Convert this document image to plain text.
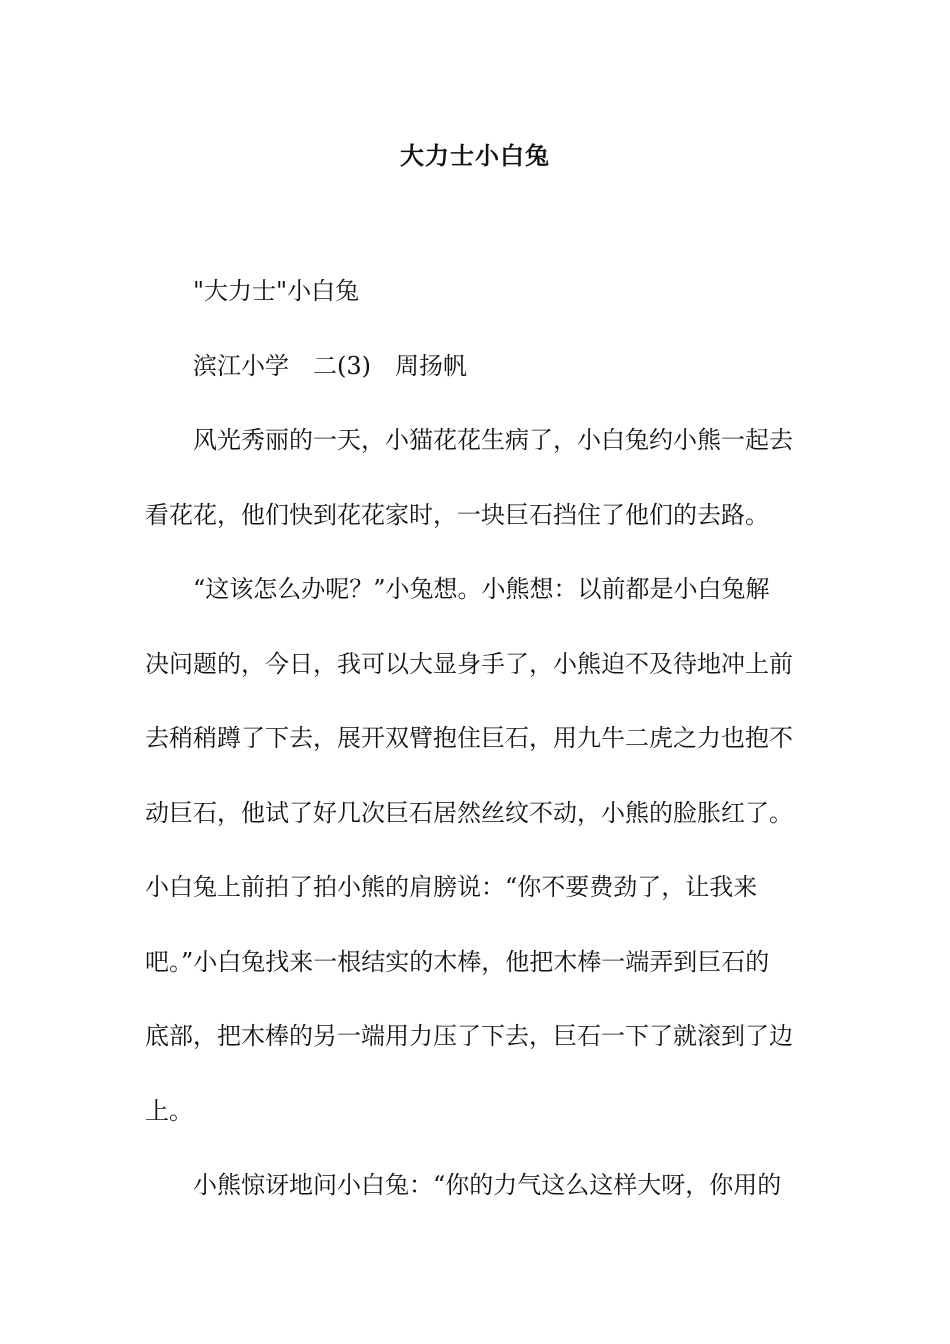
大力士小白兔

"大力士"小白兔

滨江小学　二(3)　周扬帆

风光秀丽的一天，小猫花花生病了，小白兔约小熊一起去
看花花，他们快到花花家时，一块巨石挡住了他们的去路。

“这该怎么办呢？”小兔想。小熊想：以前都是小白兔解
决问题的，今日，我可以大显身手了，小熊迫不及待地冲上前
去稍稍蹲了下去，展开双臂抱住巨石，用九牛二虎之力也抱不
动巨石，他试了好几次巨石居然丝纹不动，小熊的脸胀红了。
小白兔上前拍了拍小熊的肩膀说：“你不要费劲了，让我来
吧。”小白兔找来一根结实的木棒，他把木棒一端弄到巨石的
底部，把木棒的另一端用力压了下去，巨石一下了就滚到了边
上。

小熊惊讶地问小白兔：“你的力气这么这样大呀，你用的
